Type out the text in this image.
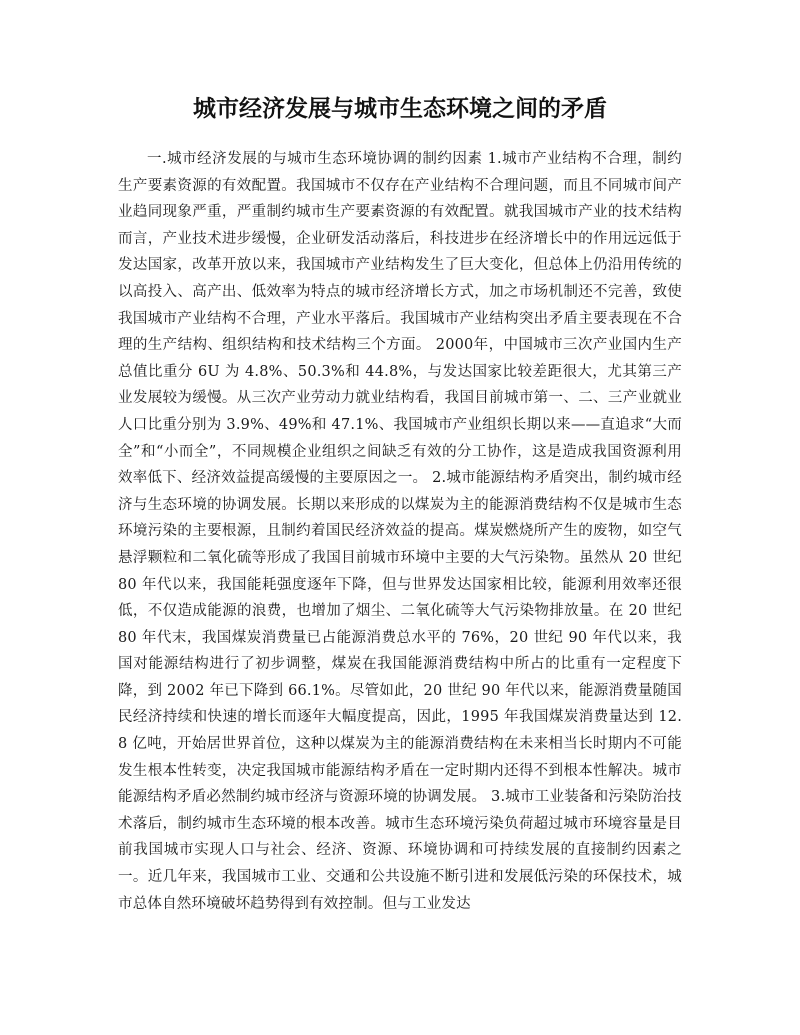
城市经济发展与城市生态环境之间的矛盾

一.城市经济发展的与城市生态环境协调的制约因素 1.城市产业结构不合理，制约生产要素资源的有效配置。我国城市不仅存在产业结构不合理问题，而且不同城市间产业趋同现象严重，严重制约城市生产要素资源的有效配置。就我国城市产业的技术结构而言，产业技术进步缓慢，企业研发活动落后，科技进步在经济增长中的作用远远低于发达国家，改革开放以来，我国城市产业结构发生了巨大变化，但总体上仍沿用传统的以高投入、高产出、低效率为特点的城市经济增长方式，加之市场机制还不完善，致使我国城市产业结构不合理，产业水平落后。我国城市产业结构突出矛盾主要表现在不合理的生产结构、组织结构和技术结构三个方面。 2000年，中国城市三次产业国内生产总值比重分 6U 为 4.8%、50.3%和 44.8%，与发达国家比较差距很大，尤其第三产业发展较为缓慢。从三次产业劳动力就业结构看，我国目前城市第一、二、三产业就业人口比重分别为 3.9%、49%和 47.1%、我国城市产业组织长期以来——直追求“大而全”和“小而全”，不同规模企业组织之间缺乏有效的分工协作，这是造成我国资源利用效率低下、经济效益提高缓慢的主要原因之一。 2.城市能源结构矛盾突出，制约城市经济与生态环境的协调发展。长期以来形成的以煤炭为主的能源消费结构不仅是城市生态环境污染的主要根源，且制约着国民经济效益的提高。煤炭燃烧所产生的废物，如空气悬浮颗粒和二氧化硫等形成了我国目前城市环境中主要的大气污染物。虽然从 20 世纪 80 年代以来，我国能耗强度逐年下降，但与世界发达国家相比较，能源利用效率还很低，不仅造成能源的浪费，也增加了烟尘、二氧化硫等大气污染物排放量。在 20 世纪 80 年代末，我国煤炭消费量已占能源消费总水平的 76%，20 世纪 90 年代以来，我国对能源结构进行了初步调整，煤炭在我国能源消费结构中所占的比重有一定程度下降，到 2002 年已下降到 66.1%。尽管如此，20 世纪 90 年代以来，能源消费量随国民经济持续和快速的增长而逐年大幅度提高，因此，1995 年我国煤炭消费量达到 12.8 亿吨，开始居世界首位，这种以煤炭为主的能源消费结构在未来相当长时期内不可能发生根本性转变，决定我国城市能源结构矛盾在一定时期内还得不到根本性解决。城市能源结构矛盾必然制约城市经济与资源环境的协调发展。 3.城市工业装备和污染防治技术落后，制约城市生态环境的根本改善。城市生态环境污染负荷超过城市环境容量是目前我国城市实现人口与社会、经济、资源、环境协调和可持续发展的直接制约因素之一。近几年来，我国城市工业、交通和公共设施不断引进和发展低污染的环保技术，城市总体自然环境破坏趋势得到有效控制。但与工业发达
